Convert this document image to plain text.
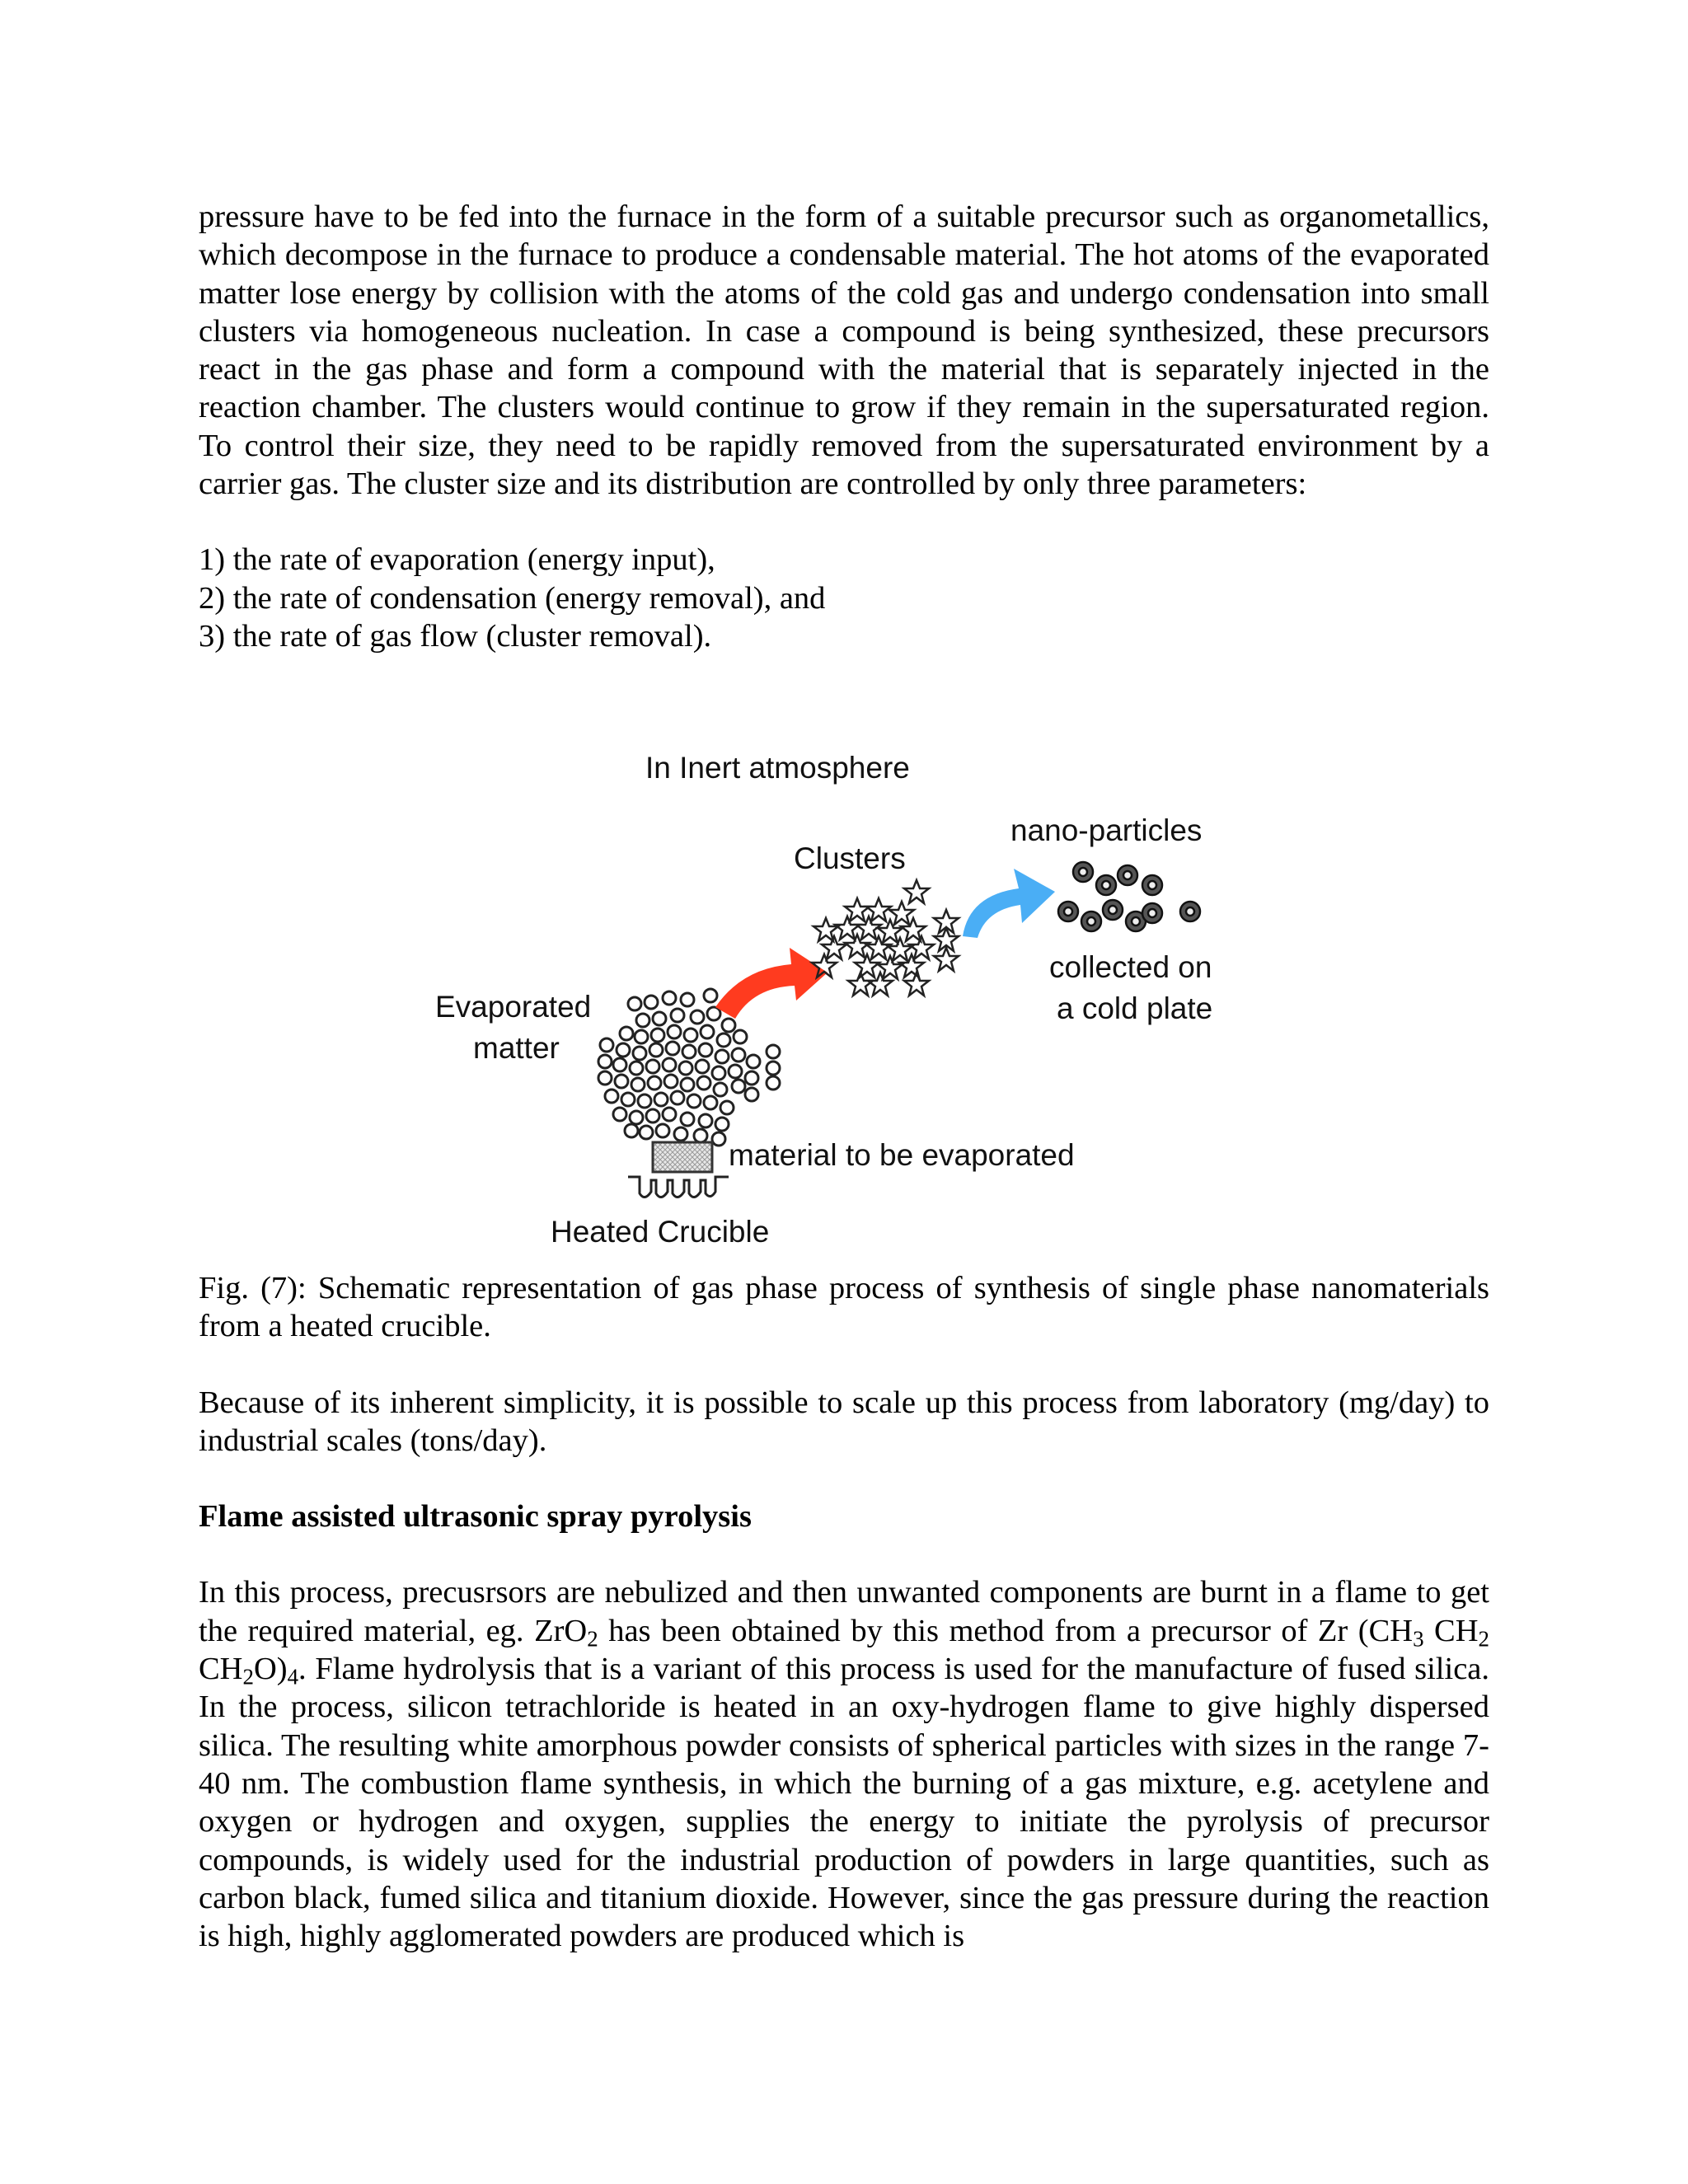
pressure have to be fed into the furnace in the form of a suitable precursor such as organometallics, which decompose in the furnace to produce a condensable material. The hot atoms of the evaporated matter lose energy by collision with the atoms of the cold gas and undergo condensation into small clusters via homogeneous nucleation. In case a compound is being synthesized, these precursors react in the gas phase and form a compound with the material that is separately injected in the reaction chamber. The clusters would continue to grow if they remain in the supersaturated region. To control their size, they need to be rapidly removed from the supersaturated environment by a carrier gas. The cluster size and its distribution are controlled by only three parameters:

1) the rate of evaporation (energy input),
2) the rate of condensation (energy removal), and
3) the rate of gas flow (cluster removal).
In Inert atmosphere
Clusters
nano-particles
collected on
a cold plate
Evaporated
matter
material to be evaporated
Heated Crucible

Fig. (7): Schematic representation of gas phase process of synthesis of single phase nanomaterials from a heated crucible.

Because of its inherent simplicity, it is possible to scale up this process from laboratory (mg/day) to industrial scales (tons/day).

Flame assisted ultrasonic spray pyrolysis

In this process, precusrsors are nebulized and then unwanted components are burnt in a flame to get the required material, eg. ZrO$_2$ has been obtained by this method from a precursor of Zr ($CH_3$ $CH_2$ $CH_2O)_4$. Flame hydrolysis that is a variant of this process is used for the manufacture of fused silica. In the process, silicon tetrachloride is heated in an oxy-hydrogen flame to give highly dispersed silica. The resulting white amorphous powder consists of spherical particles with sizes in the range 7-40 nm. The combustion flame synthesis, in which the burning of a gas mixture, e.g. acetylene and oxygen or hydrogen and oxygen, supplies the energy to initiate the pyrolysis of precursor compounds, is widely used for the industrial production of powders in large quantities, such as carbon black, fumed silica and titanium dioxide. However, since the gas pressure during the reaction is high, highly agglomerated powders are produced which is
